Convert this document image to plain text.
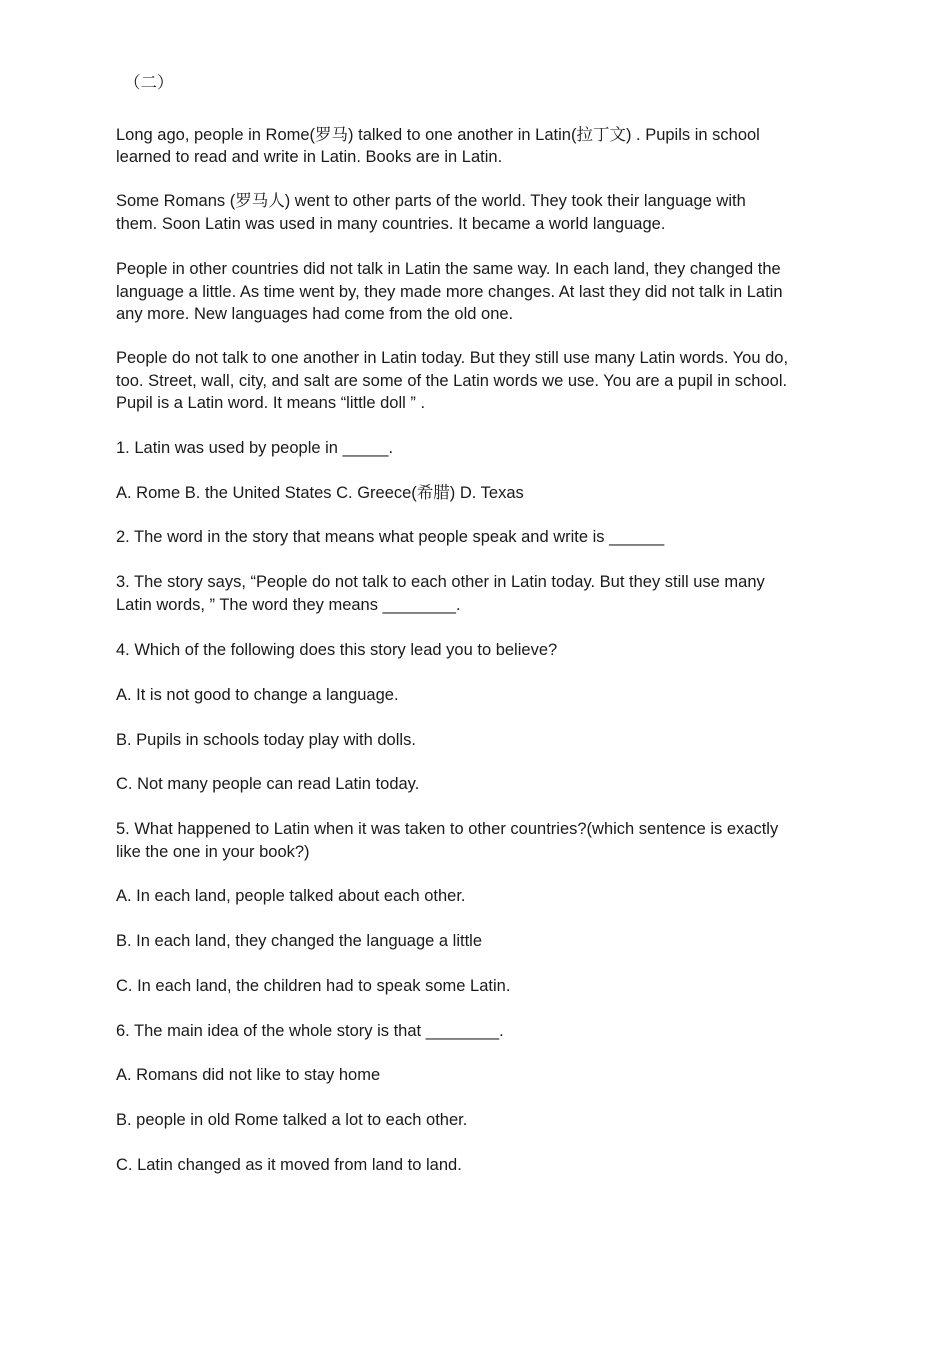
（二）
Long ago, people in Rome(罗马) talked to one another in Latin(拉丁文) . Pupils in school
learned to read and write in Latin. Books are in Latin.
Some Romans (罗马人) went to other parts of the world. They took their language with
them. Soon Latin was used in many countries. It became a world language.
People in other countries did not talk in Latin the same way. In each land, they changed the
language a little. As time went by, they made more changes. At last they did not talk in Latin
any more. New languages had come from the old one.
People do not talk to one another in Latin today. But they still use many Latin words. You do,
too. Street, wall, city, and salt are some of the Latin words we use. You are a pupil in school.
Pupil is a Latin word. It means “little doll ” .
1. Latin was used by people in _____.
A. Rome B. the United States C. Greece(希腊) D. Texas
2. The word in the story that means what people speak and write is ______
3. The story says, “People do not talk to each other in Latin today. But they still use many
Latin words, ” The word they means ________.
4. Which of the following does this story lead you to believe?
A. It is not good to change a language.
B. Pupils in schools today play with dolls.
C. Not many people can read Latin today.
5. What happened to Latin when it was taken to other countries?(which sentence is exactly
like the one in your book?)
A. In each land, people talked about each other.
B. In each land, they changed the language a little
C. In each land, the children had to speak some Latin.
6. The main idea of the whole story is that ________.
A. Romans did not like to stay home
B. people in old Rome talked a lot to each other.
C. Latin changed as it moved from land to land.
